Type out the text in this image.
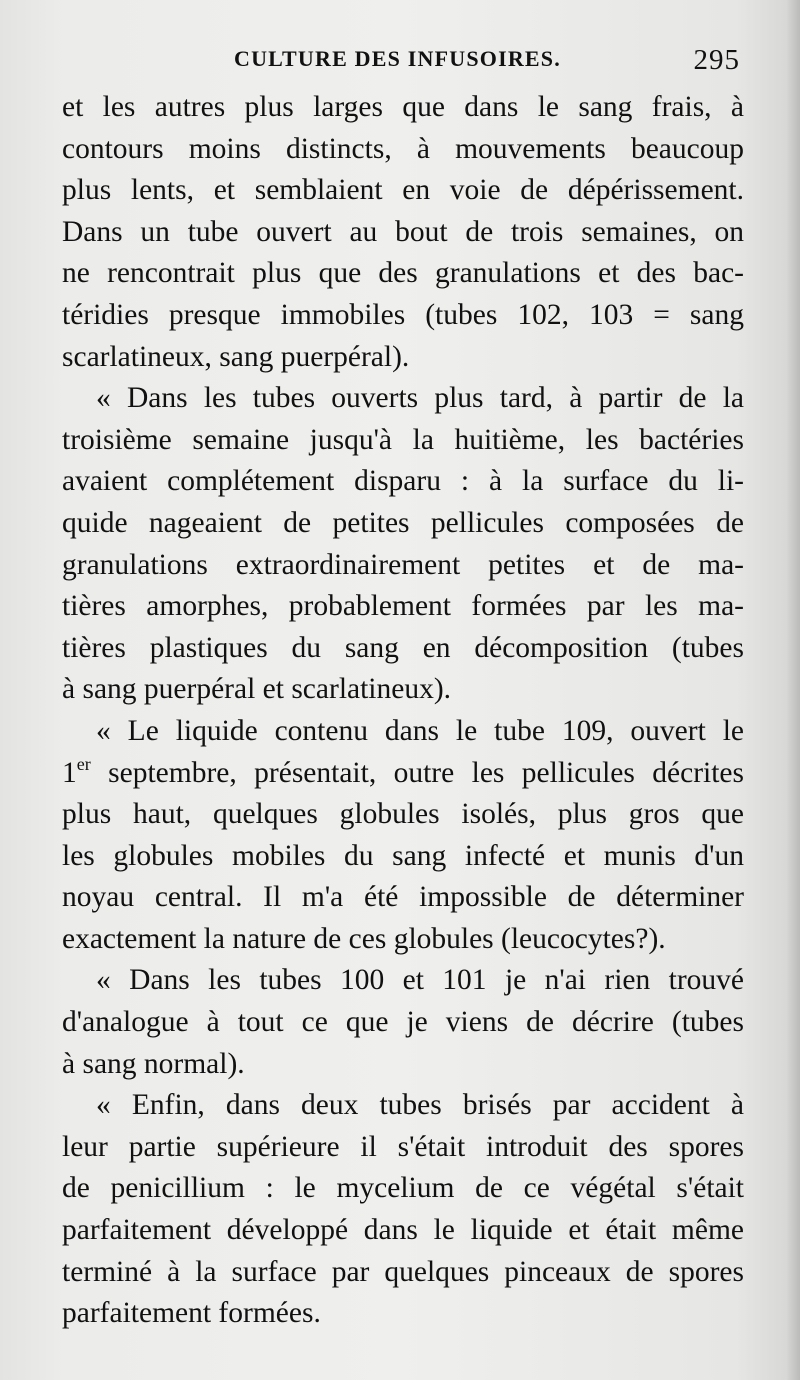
CULTURE DES INFUSOIRES.	295
et les autres plus larges que dans le sang frais, à
contours moins distincts, à mouvements beaucoup
plus lents, et semblaient en voie de dépérissement.
Dans un tube ouvert au bout de trois semaines, on
ne rencontrait plus que des granulations et des bac-
téridies presque immobiles (tubes 102, 103 = sang
scarlatineux, sang puerpéral).
« Dans les tubes ouverts plus tard, à partir de la
troisième semaine jusqu'à la huitième, les bactéries
avaient complétement disparu : à la surface du li-
quide nageaient de petites pellicules composées de
granulations extraordinairement petites et de ma-
tières amorphes, probablement formées par les ma-
tières plastiques du sang en décomposition (tubes
à sang puerpéral et scarlatineux).
« Le liquide contenu dans le tube 109, ouvert le
1er septembre, présentait, outre les pellicules décrites
plus haut, quelques globules isolés, plus gros que
les globules mobiles du sang infecté et munis d'un
noyau central. Il m'a été impossible de déterminer
exactement la nature de ces globules (leucocytes?).
« Dans les tubes 100 et 101 je n'ai rien trouvé
d'analogue à tout ce que je viens de décrire (tubes
à sang normal).
« Enfin, dans deux tubes brisés par accident à
leur partie supérieure il s'était introduit des spores
de penicillium : le mycelium de ce végétal s'était
parfaitement développé dans le liquide et était même
terminé à la surface par quelques pinceaux de spores
parfaitement formées.
